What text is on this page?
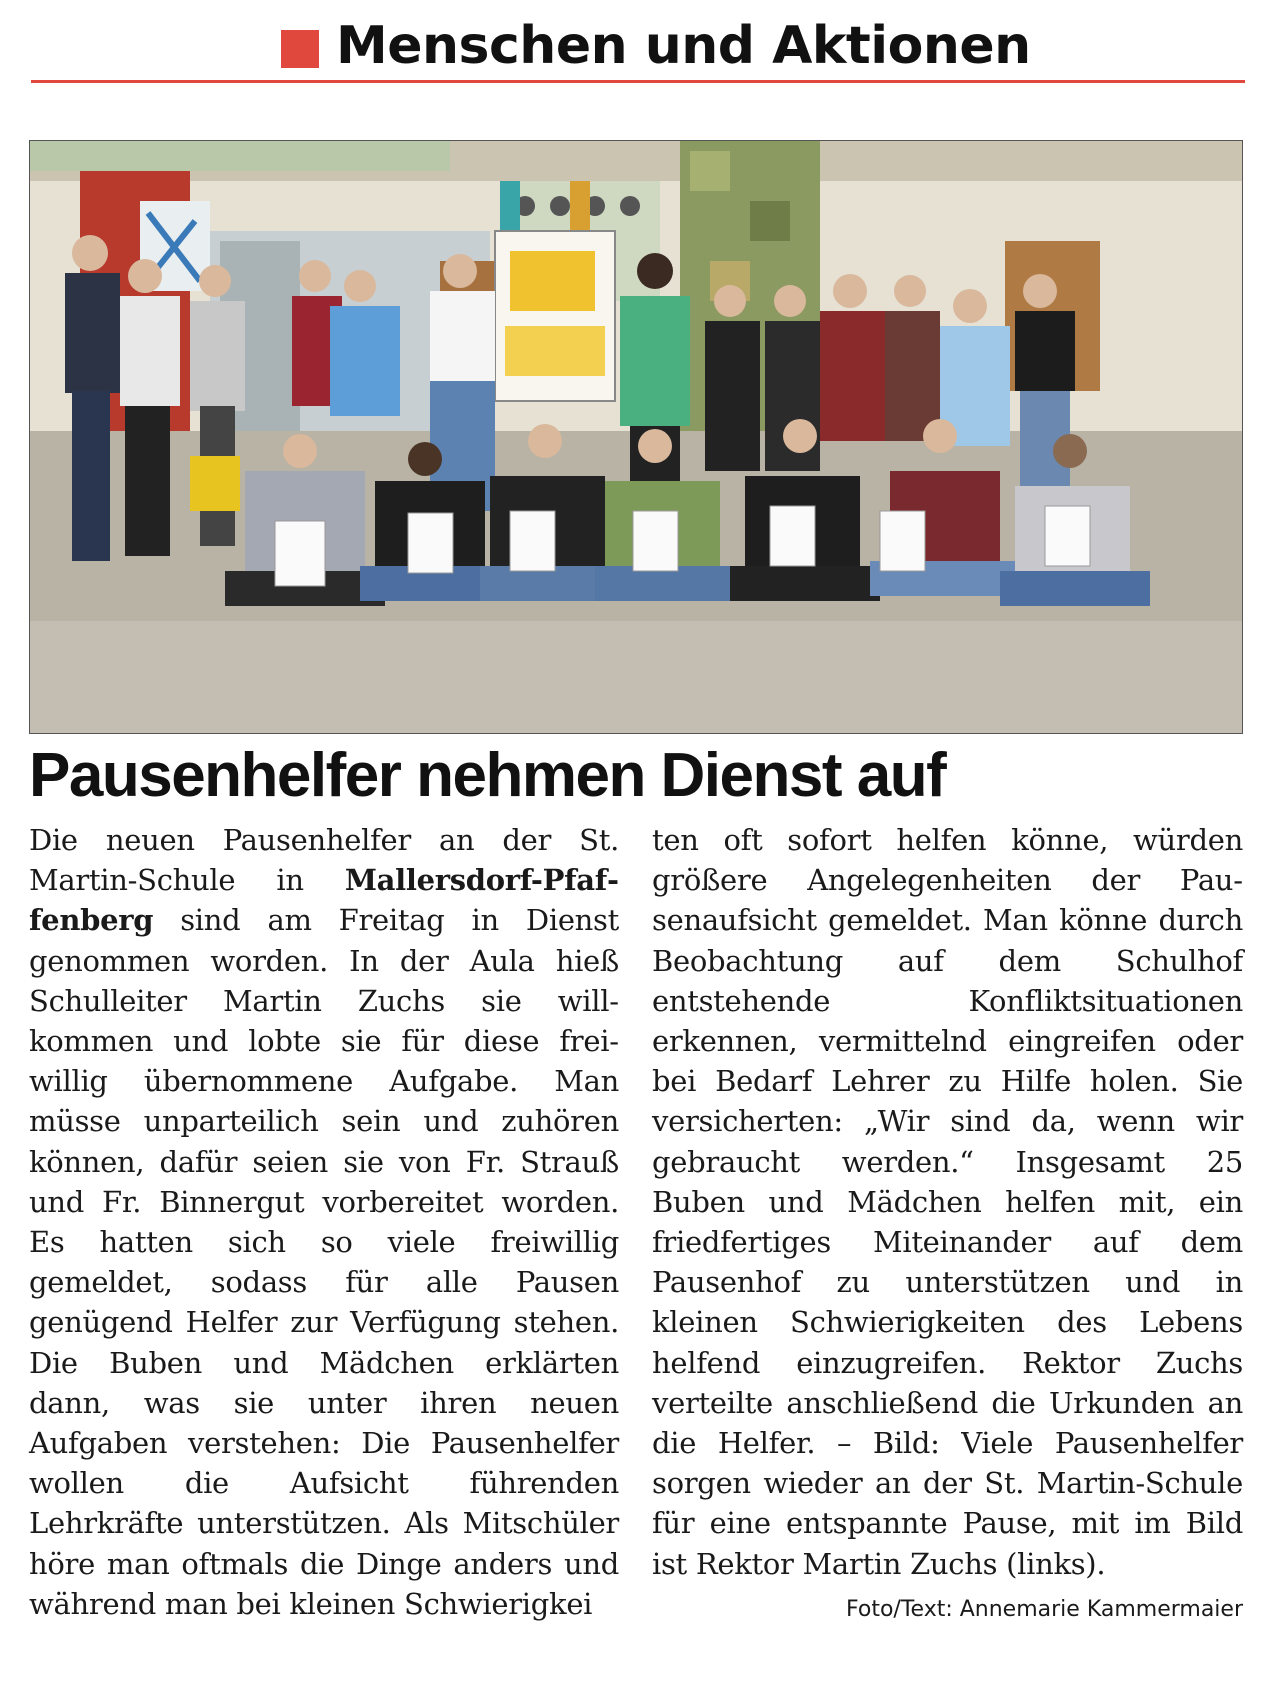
Menschen und Aktionen
Pausenhelfer nehmen Dienst auf

Die neuen Pausenhelfer an der St. Martin-Schule in Mallersdorf-Pfaffenberg sind am Freitag in Dienst genommen worden. In der Aula hieß Schulleiter Martin Zuchs sie willkommen und lobte sie für diese freiwillig übernommene Aufgabe. Man müsse unparteilich sein und zuhören können, dafür seien sie von Fr. Strauß und Fr. Binnergut vorbereitet worden. Es hatten sich so viele freiwillig gemeldet, sodass für alle Pausen genügend Helfer zur Verfügung stehen. Die Buben und Mädchen erklärten dann, was sie unter ihren neuen Aufgaben verstehen: Die Pausenhelfer wollen die Aufsicht führenden Lehrkräfte unterstützen. Als Mitschüler höre man oftmals die Dinge anders und während man bei kleinen Schwierigkei

ten oft sofort helfen könne, würden größere Angelegenheiten der Pausenaufsicht gemeldet. Man könne durch Beobachtung auf dem Schulhof entstehende Konfliktsituationen erkennen, vermittelnd eingreifen oder bei Bedarf Lehrer zu Hilfe holen. Sie versicherten: „Wir sind da, wenn wir gebraucht werden.“ Insgesamt 25 Buben und Mädchen helfen mit, ein friedfertiges Miteinander auf dem Pausenhof zu unterstützen und in kleinen Schwierigkeiten des Lebens helfend einzugreifen. Rektor Zuchs verteilte anschließend die Urkunden an die Helfer. – Bild: Viele Pausenhelfer sorgen wieder an der St. Martin-Schule für eine entspannte Pause, mit im Bild ist Rektor Martin Zuchs (links).
Foto/Text: Annemarie Kammermaier
